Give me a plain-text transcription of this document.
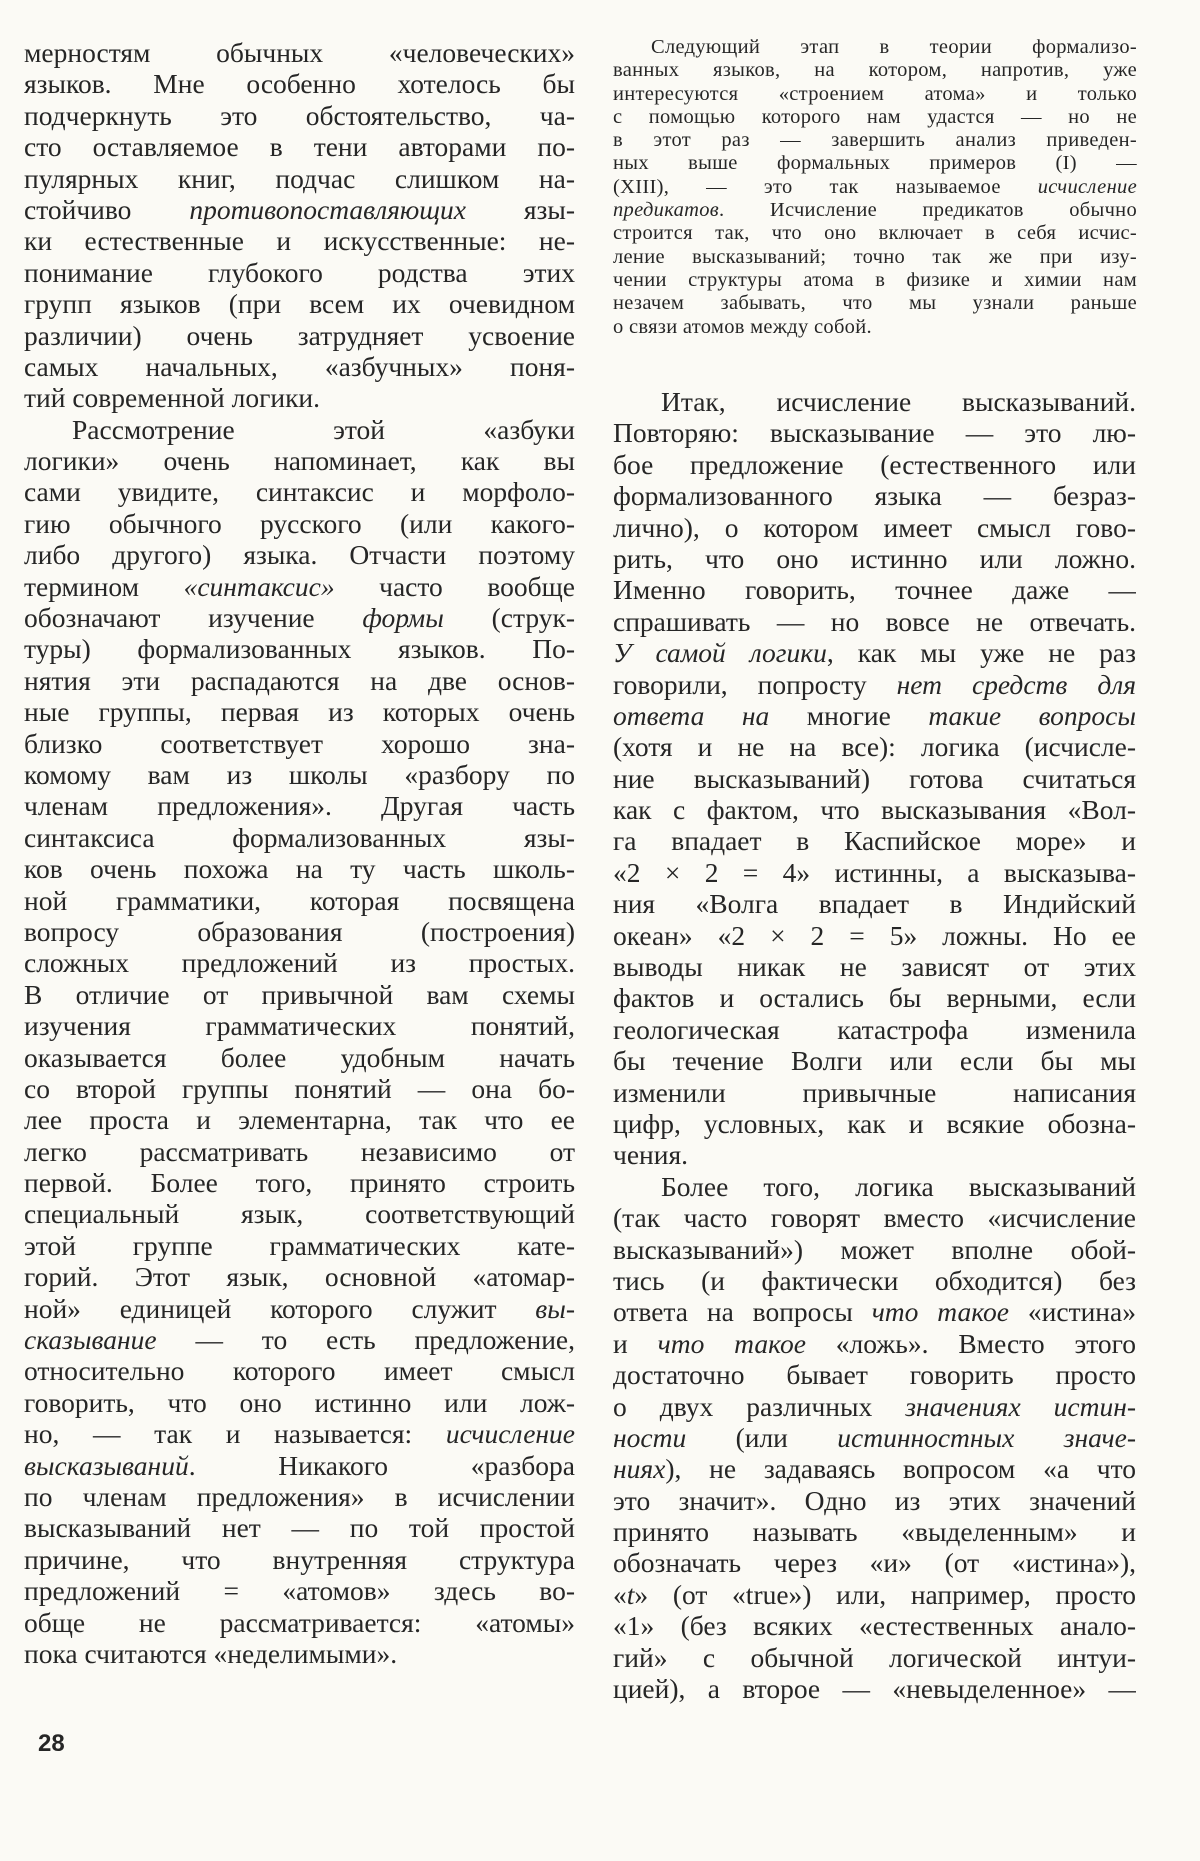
мерностям обычных «человеческих»
языков. Мне особенно хотелось бы
подчеркнуть это обстоятельство, ча-
сто оставляемое в тени авторами по-
пулярных книг, подчас слишком на-
стойчиво противопоставляющих язы-
ки естественные и искусственные: не-
понимание глубокого родства этих
групп языков (при всем их очевидном
различии) очень затрудняет усвоение
самых начальных, «азбучных» поня-
тий современной логики.
Рассмотрение этой «азбуки
логики» очень напоминает, как вы
сами увидите, синтаксис и морфоло-
гию обычного русского (или какого-
либо другого) языка. Отчасти поэтому
термином «синтаксис» часто вообще
обозначают изучение формы (струк-
туры) формализованных языков. По-
нятия эти распадаются на две основ-
ные группы, первая из которых очень
близко соответствует хорошо зна-
комому вам из школы «разбору по
членам предложения». Другая часть
синтаксиса формализованных язы-
ков очень похожа на ту часть школь-
ной грамматики, которая посвящена
вопросу образования (построения)
сложных предложений из простых.
В отличие от привычной вам схемы
изучения грамматических понятий,
оказывается более удобным начать
со второй группы понятий — она бо-
лее проста и элементарна, так что ее
легко рассматривать независимо от
первой. Более того, принято строить
специальный язык, соответствующий
этой группе грамматических кате-
горий. Этот язык, основной «атомар-
ной» единицей которого служит вы-
сказывание — то есть предложение,
относительно которого имеет смысл
говорить, что оно истинно или лож-
но, — так и называется: исчисление
высказываний. Никакого «разбора
по членам предложения» в исчислении
высказываний нет — по той простой
причине, что внутренняя структура
предложений = «атомов» здесь во-
обще не рассматривается: «атомы»
пока считаются «неделимыми».
Следующий этап в теории формализо-
ванных языков, на котором, напротив, уже
интересуются «строением атома» и только
с помощью которого нам удастся — но не
в этот раз — завершить анализ приведен-
ных выше формальных примеров (I) —
(XIII), — это так называемое исчисление
предикатов. Исчисление предикатов обычно
строится так, что оно включает в себя исчис-
ление высказываний; точно так же при изу-
чении структуры атома в физике и химии нам
незачем забывать, что мы узнали раньше
о связи атомов между собой.
Итак, исчисление высказываний.
Повторяю: высказывание — это лю-
бое предложение (естественного или
формализованного языка — безраз-
лично), о котором имеет смысл гово-
рить, что оно истинно или ложно.
Именно говорить, точнее даже —
спрашивать — но вовсе не отвечать.
У самой логики, как мы уже не раз
говорили, попросту нет средств для
ответа на многие такие вопросы
(хотя и не на все): логика (исчисле-
ние высказываний) готова считаться
как с фактом, что высказывания «Вол-
га впадает в Каспийское море» и
«2 × 2 = 4» истинны, а высказыва-
ния «Волга впадает в Индийский
океан» «2 × 2 = 5» ложны. Но ее
выводы никак не зависят от этих
фактов и остались бы верными, если
геологическая катастрофа изменила
бы течение Волги или если бы мы
изменили привычные написания
цифр, условных, как и всякие обозна-
чения.
Более того, логика высказываний
(так часто говорят вместо «исчисление
высказываний») может вполне обой-
тись (и фактически обходится) без
ответа на вопросы что такое «истина»
и что такое «ложь». Вместо этого
достаточно бывает говорить просто
о двух различных значениях истин-
ности (или истинностных значе-
ниях), не задаваясь вопросом «а что
это значит». Одно из этих значений
принято называть «выделенным» и
обозначать через «и» (от «истина»),
«t» (от «true») или, например, просто
«1» (без всяких «естественных анало-
гий» с обычной логической интуи-
цией), а второе — «невыделенное» —
28
